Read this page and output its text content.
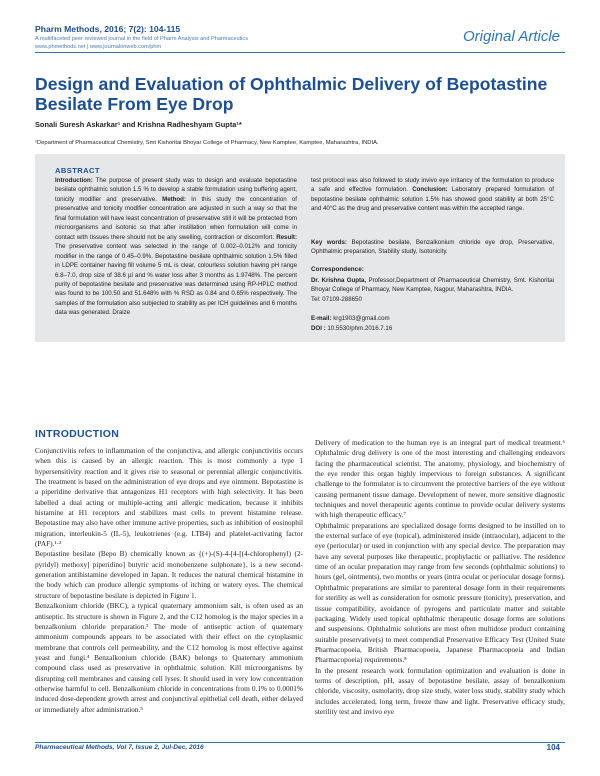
Pharm Methods, 2016; 7(2): 104-115
A multifaceted peer reviewed journal in the field of Pharm Analysis and Pharmaceutics
www.phmethods.net | www.journalonweb.com/phm
Original Article
Design and Evaluation of Ophthalmic Delivery of Bepotastine Besilate From Eye Drop
Sonali Suresh Askarkar¹ and Krishna Radheshyam Gupta¹*
¹Department of Pharmaceutical Chemistry, Smt Kishoritai Bhoyar College of Pharmacy, New Kamptee, Kamptee, Maharashtra, INDIA.
ABSTRACT
Introduction: The purpose of present study was to design and evaluate bepotastine besilate ophthalmic solution 1.5 % to develop a stable formulation using buffering agent, tonicity modifier and preservative. Method: In this study the concentration of preservative and tonicity modifier concentration are adjusted in such a way so that the final formulation will have least concentration of preservative still it will be protected from microorganisms and isotonic so that after instillation when formulation will come in contact with tissues there should not be any swelling, contraction or discomfort. Result: The preservative content was selected in the range of 0.002–0.012% and tonicity modifier in the range of 0.45–0.9%. Bepotastine besilate ophthalmic solution 1.5% filled in LDPE container having fill volume 5 mL is clear, colourless solution having pH range 6.8–7.0, drop size of 38.6 µl and % water loss after 3 months as 1.9748%. The percent purity of bepotastine besilate and preservative was determined using RP-HPLC method was found to be 100.50 and 51.648% with % RSD as 0.84 and 0.65% respectively. The samples of the formulation also subjected to stability as per ICH guidelines and 6 months data was generated. Draize
test protocol was also followed to study invivo eye irritancy of the formulation to produce a safe and effective formulation. Conclusion: Laboratory prepared formulation of bepotastine besilate ophthalmic solution 1.5% has showed good stability at both 25°C and 40°C as the drug and preservative content was within the accepted range.
Key words: Bepotastine besilate, Benzalkonium chloride eye drop, Preservative, Ophthalmic preparation, Stability study, Isotonicity.
Correspondence:
Dr. Krishna Gupta, Professor,Department of Pharmaceutical Chemistry, Smt. Kishoritai Bhoyar College of Pharmacy, New Kamptee, Nagpur, Maharashtra, INDIA.
Tel: 07109-288650
E-mail: krg1903@gmail.com
DOI : 10.5530/phm.2016.7.16
INTRODUCTION

Conjunctivitis refers to inflammation of the conjunctiva, and allergic conjunctivitis occurs when this is caused by an allergic reaction. This is most commonly a type 1 hypersensitivity reaction and it gives rise to seasonal or perennial allergic conjunctivitis. The treatment is based on the administration of eye drops and eye ointment. Bepotastine is a piperidine derivative that antagonizes H1 receptors with high selectivity. It has been labelled a dual acting or multiple-acting anti allergic medication, because it inhibits histamine at H1 receptors and stabilizes mast cells to prevent histamine release. Bepotastine may also have other immune active properties, such as inhibition of eosinophil migration, interleukin-5 (IL-5), leukotrienes (e.g. LTB4) and platelet-activating factor (PAF).¹·²

Bepotastine besilate (Bepo B) chemically known as {(+)-(S)-4-[4-[(4-chlorophenyl) (2-pyridyl) methoxy] piperidino] butyric acid monobenzene sulphonate}, is a new second-generation antihistamine developed in Japan. It reduces the natural chemical histamine in the body which can produce allergic symptoms of itching or watery eyes. The chemical structure of bepotastine besilate is depicted in Figure 1.

Benzalkonium chloride (BKC), a typical quaternary ammonium salt, is often used as an antiseptic. Its structure is shown in Figure 2, and the C12 homolog is the major species in a benzalkonium chloride preparation.³ The mode of antiseptic action of quaternary ammonium compounds appears to be associated with their effect on the cytoplasmic membrane that controls cell permeability, and the C12 homolog is most effective against yeast and fungi.⁴ Benzalkonium chloride (BAK) belongs to Quaternary ammonium compound class used as preservative in ophthalmic solution. Kill microorganisms by disrupting cell membranes and causing cell lyses. It should used in very low concentration otherwise harmful to cell. Benzalkonium chloride in concentrations from 0.1% to 0.0001% induced dose-dependent growth arrest and conjunctival epithelial cell death, either delayed or immediately after administration.⁵

Delivery of medication to the human eye is an integral part of medical treatment.⁶ Ophthalmic drug delivery is one of the most interesting and challenging endeavors facing the pharmaceutical scientist. The anatomy, physiology, and biochemistry of the eye render this organ highly impervious to foreign substances. A significant challenge to the formulator is to circumvent the protective barriers of the eye without causing permanent tissue damage. Development of newer, more sensitive diagnostic techniques and novel therapeutic agents continue to provide ocular delivery systems with high therapeutic efficacy.⁷

Ophthalmic preparations are specialized dosage forms designed to be instilled on to the external surface of eye (topical), administered inside (intraocular), adjacent to the eye (periocular) or used in conjunction with any special device. The preparation may have any several purposes like therapeutic, prophylactic or palliative. The residence time of an ocular preparation may range from few seconds (ophthalmic solutions) to hours (gel, ointments), two months or years (intra ocular or periocular dosage forms). Ophthalmic preparations are similar to parenteral dosage form in their requirements for sterility as well as consideration for osmotic pressure (tonicity), preservation, and tissue compatibility, avoidance of pyrogens and particulate matter and suitable packaging. Widely used topical ophthalmic therapeutic dosage forms are solutions and suspensions. Ophthalmic solutions are most often multidose product containing suitable preservative(s) to meet compendial Preservative Efficacy Test (United State Pharmacopoeia, British Pharmacopoeia, Japanese Pharmacopoeia and Indian Pharmacopoeia) requirements.⁸

In the present research work formulation optimization and evaluation is done in terms of description, pH, assay of bepotastine besilate, assay of benzalkonium chloride, viscosity, osmolarity, drop size study, water loss study, stability study which includes accelerated, long term, freeze thaw and light. Preservative efficacy study, sterility test and invivo eye

Pharmaceutical Methods, Vol 7, Issue 2, Jul-Dec, 2016	104
